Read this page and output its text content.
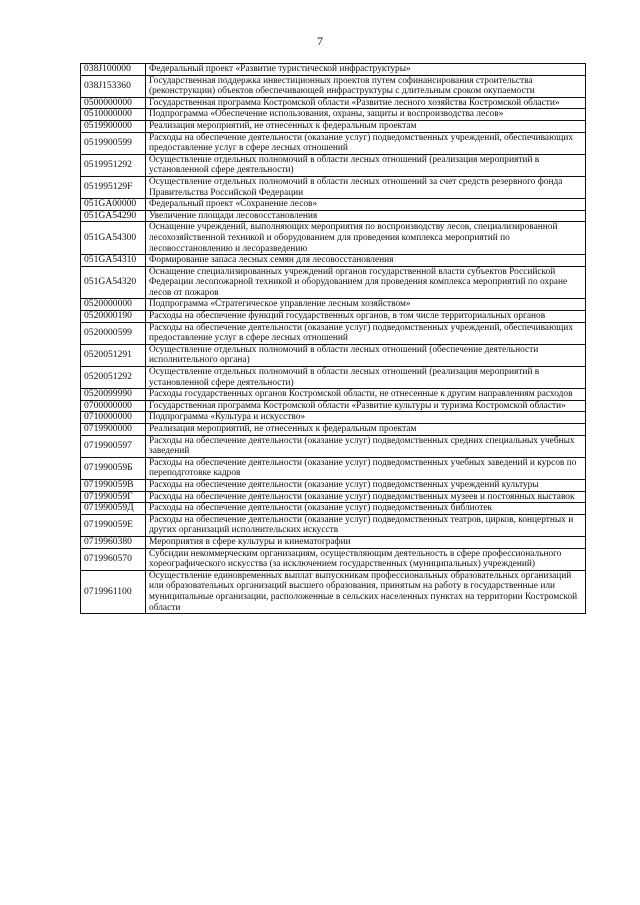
7
038J100000	Федеральный проект «Развитие туристической инфраструктуры»
038J153360	Государственная поддержка инвестиционных проектов путем софинансирования строительства (реконструкции) объектов обеспечивающей инфраструктуры с длительным сроком окупаемости
0500000000	Государственная программа Костромской области «Развитие лесного хозяйства Костромской области»
0510000000	Подпрограмма «Обеспечение использования, охраны, защиты и воспроизводства лесов»
0519900000	Реализация мероприятий, не отнесенных к федеральным проектам
0519900599	Расходы на обеспечение деятельности (оказание услуг) подведомственных учреждений, обеспечивающих предоставление услуг в сфере лесных отношений
0519951292	Осуществление отдельных полномочий в области лесных отношений (реализация мероприятий в установленной сфере деятельности)
051995129F	Осуществление отдельных полномочий в области лесных отношений за счет средств резервного фонда Правительства Российской Федерации
051GA00000	Федеральный проект «Сохранение лесов»
051GA54290	Увеличение площади лесовосстановления
051GA54300	Оснащение учреждений, выполняющих мероприятия по воспроизводству лесов, специализированной лесохозяйственной техникой и оборудованием для проведения комплекса мероприятий по лесовосстановлению и лесоразведению
051GA54310	Формирование запаса лесных семян для лесовосстановления
051GA54320	Оснащение специализированных учреждений органов государственной власти субъектов Российской Федерации лесопожарной техникой и оборудованием для проведения комплекса мероприятий по охране лесов от пожаров
0520000000	Подпрограмма «Стратегическое управление лесным хозяйством»
0520000190	Расходы на обеспечение функций государственных органов, в том числе территориальных органов
0520000599	Расходы на обеспечение деятельности (оказание услуг) подведомственных учреждений, обеспечивающих предоставление услуг в сфере лесных отношений
0520051291	Осуществление отдельных полномочий в области лесных отношений (обеспечение деятельности исполнительного органа)
0520051292	Осуществление отдельных полномочий в области лесных отношений (реализация мероприятий в установленной сфере деятельности)
0520099990	Расходы государственных органов Костромской области, не отнесенные к другим направлениям расходов
0700000000	Государственная программа Костромской области «Развитие культуры и туризма Костромской области»
0710000000	Подпрограмма «Культура и искусство»
0719900000	Реализация мероприятий, не отнесенных к федеральным проектам
0719900597	Расходы на обеспечение деятельности (оказание услуг) подведомственных средних специальных учебных заведений
071990059Б	Расходы на обеспечение деятельности (оказание услуг) подведомственных учебных заведений и курсов по переподготовке кадров
071990059В	Расходы на обеспечение деятельности (оказание услуг) подведомственных учреждений культуры
071990059Г	Расходы на обеспечение деятельности (оказание услуг) подведомственных музеев и постоянных выставок
071990059Д	Расходы на обеспечение деятельности (оказание услуг) подведомственных библиотек
071990059Е	Расходы на обеспечение деятельности (оказание услуг) подведомственных театров, цирков, концертных и других организаций исполнительских искусств
0719960380	Мероприятия в сфере культуры и кинематографии
0719960570	Субсидии некоммерческим организациям, осуществляющим деятельность в сфере профессионального хореографического искусства (за исключением государственных (муниципальных) учреждений)
0719961100	Осуществление единовременных выплат выпускникам профессиональных образовательных организаций или образовательных организаций высшего образования, принятым на работу в государственные или муниципальные организации, расположенные в сельских населенных пунктах на территории Костромской области
